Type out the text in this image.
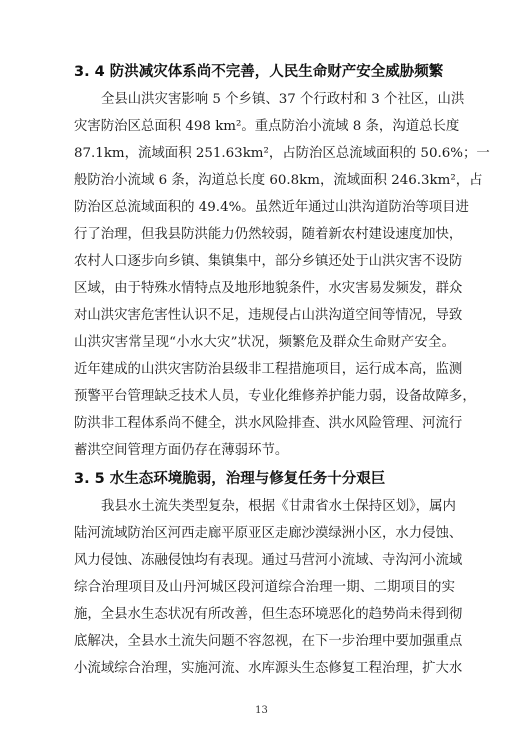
3. 4 防洪减灾体系尚不完善，人民生命财产安全威胁频繁
全县山洪灾害影响 5 个乡镇、37 个行政村和 3 个社区，山洪
灾害防治区总面积 498 km²。重点防治小流域 8 条，沟道总长度
87.1km，流域面积 251.63km²，占防治区总流域面积的 50.6%；一
般防治小流域 6 条，沟道总长度 60.8km，流域面积 246.3km²，占
防治区总流域面积的 49.4%。虽然近年通过山洪沟道防治等项目进
行了治理，但我县防洪能力仍然较弱，随着新农村建设速度加快，
农村人口逐步向乡镇、集镇集中，部分乡镇还处于山洪灾害不设防
区域，由于特殊水情特点及地形地貌条件，水灾害易发频发，群众
对山洪灾害危害性认识不足，违规侵占山洪沟道空间等情况，导致
山洪灾害常呈现“小水大灾”状况，频繁危及群众生命财产安全。
近年建成的山洪灾害防治县级非工程措施项目，运行成本高，监测
预警平台管理缺乏技术人员，专业化维修养护能力弱，设备故障多，
防洪非工程体系尚不健全，洪水风险排查、洪水风险管理、河流行
蓄洪空间管理方面仍存在薄弱环节。
3. 5 水生态环境脆弱，治理与修复任务十分艰巨
我县水土流失类型复杂，根据《甘肃省水土保持区划》，属内
陆河流域防治区河西走廊平原亚区走廊沙漠绿洲小区，水力侵蚀、
风力侵蚀、冻融侵蚀均有表现。通过马营河小流域、寺沟河小流域
综合治理项目及山丹河城区段河道综合治理一期、二期项目的实
施，全县水生态状况有所改善，但生态环境恶化的趋势尚未得到彻
底解决，全县水土流失问题不容忽视，在下一步治理中要加强重点
小流域综合治理，实施河流、水库源头生态修复工程治理，扩大水
13
